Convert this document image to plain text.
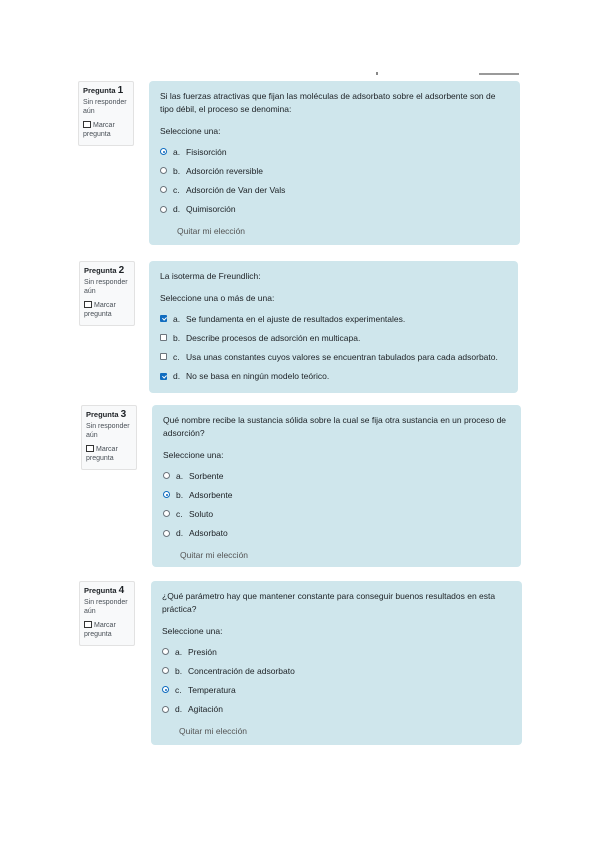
Pregunta 1
Sin responder aún
Marcar pregunta
Si las fuerzas atractivas que fijan las moléculas de adsorbato sobre el adsorbente son de tipo débil, el proceso se denomina:
Seleccione una:
a. Fisisorción
b. Adsorción reversible
c. Adsorción de Van der Vals
d. Quimisorción
Quitar mi elección
Pregunta 2
Sin responder aún
Marcar pregunta
La isoterma de Freundlich:
Seleccione una o más de una:
a. Se fundamenta en el ajuste de resultados experimentales.
b. Describe procesos de adsorción en multicapa.
c. Usa unas constantes cuyos valores se encuentran tabulados para cada adsorbato.
d. No se basa en ningún modelo teórico.
Pregunta 3
Sin responder aún
Marcar pregunta
Qué nombre recibe la sustancia sólida sobre la cual se fija otra sustancia en un proceso de adsorción?
Seleccione una:
a. Sorbente
b. Adsorbente
c. Soluto
d. Adsorbato
Quitar mi elección
Pregunta 4
Sin responder aún
Marcar pregunta
¿Qué parámetro hay que mantener constante para conseguir buenos resultados en esta práctica?
Seleccione una:
a. Presión
b. Concentración de adsorbato
c. Temperatura
d. Agitación
Quitar mi elección
